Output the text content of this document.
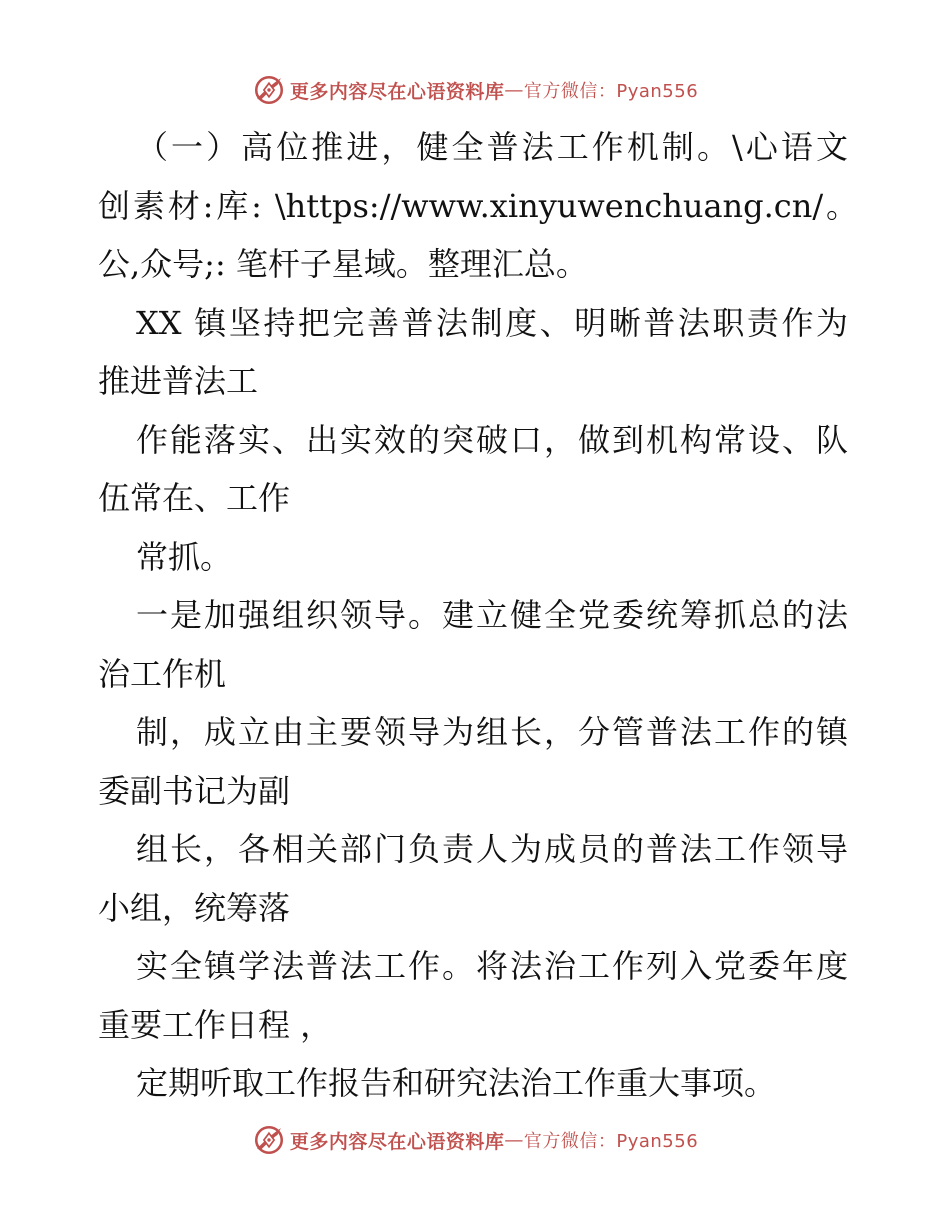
更多内容尽在心语资料库 — 官方微信：Pyan556
（一）高位推进，健全普法工作机制。\心语文
创素材:库: \https://www.xinyuwenchuang.cn/。
公,众号;: 笔杆子星域。整理汇总。
XX 镇坚持把完善普法制度、明晰普法职责作为
推进普法工
作能落实、出实效的突破口，做到机构常设、队
伍常在、工作
常抓。
一是加强组织领导。建立健全党委统筹抓总的法
治工作机
制，成立由主要领导为组长，分管普法工作的镇
委副书记为副
组长，各相关部门负责人为成员的普法工作领导
小组，统筹落
实全镇学法普法工作。将法治工作列入党委年度
重要工作日程 ，
定期听取工作报告和研究法治工作重大事项。
更多内容尽在心语资料库 — 官方微信：Pyan556
